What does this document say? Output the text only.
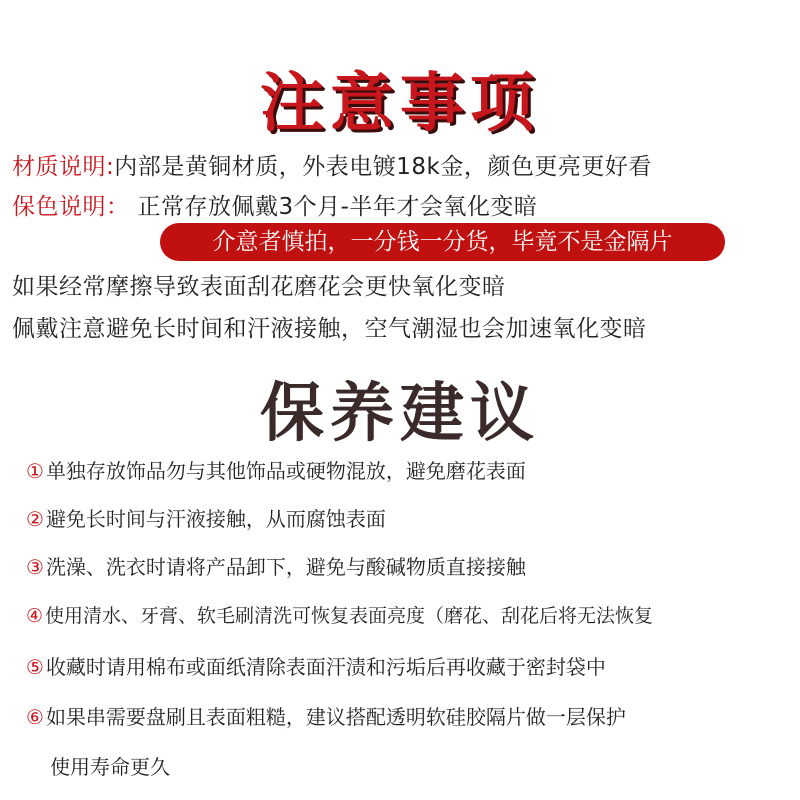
注意事项
材质说明:内部是黄铜材质，外表电镀18k金，颜色更亮更好看
保色说明： 正常存放佩戴3个月-半年才会氧化变暗
介意者慎拍，一分钱一分货，毕竟不是金隔片
如果经常摩擦导致表面刮花磨花会更快氧化变暗
佩戴注意避免长时间和汗液接触，空气潮湿也会加速氧化变暗
保养建议
① 单独存放饰品勿与其他饰品或硬物混放，避免磨花表面
② 避免长时间与汗液接触，从而腐蚀表面
③ 洗澡、洗衣时请将产品卸下，避免与酸碱物质直接接触
④ 使用清水、牙膏、软毛刷清洗可恢复表面亮度（磨花、刮花后将无法恢复
⑤ 收藏时请用棉布或面纸清除表面汗渍和污垢后再收藏于密封袋中
⑥ 如果串需要盘刷且表面粗糙，建议搭配透明软硅胶隔片做一层保护
使用寿命更久
